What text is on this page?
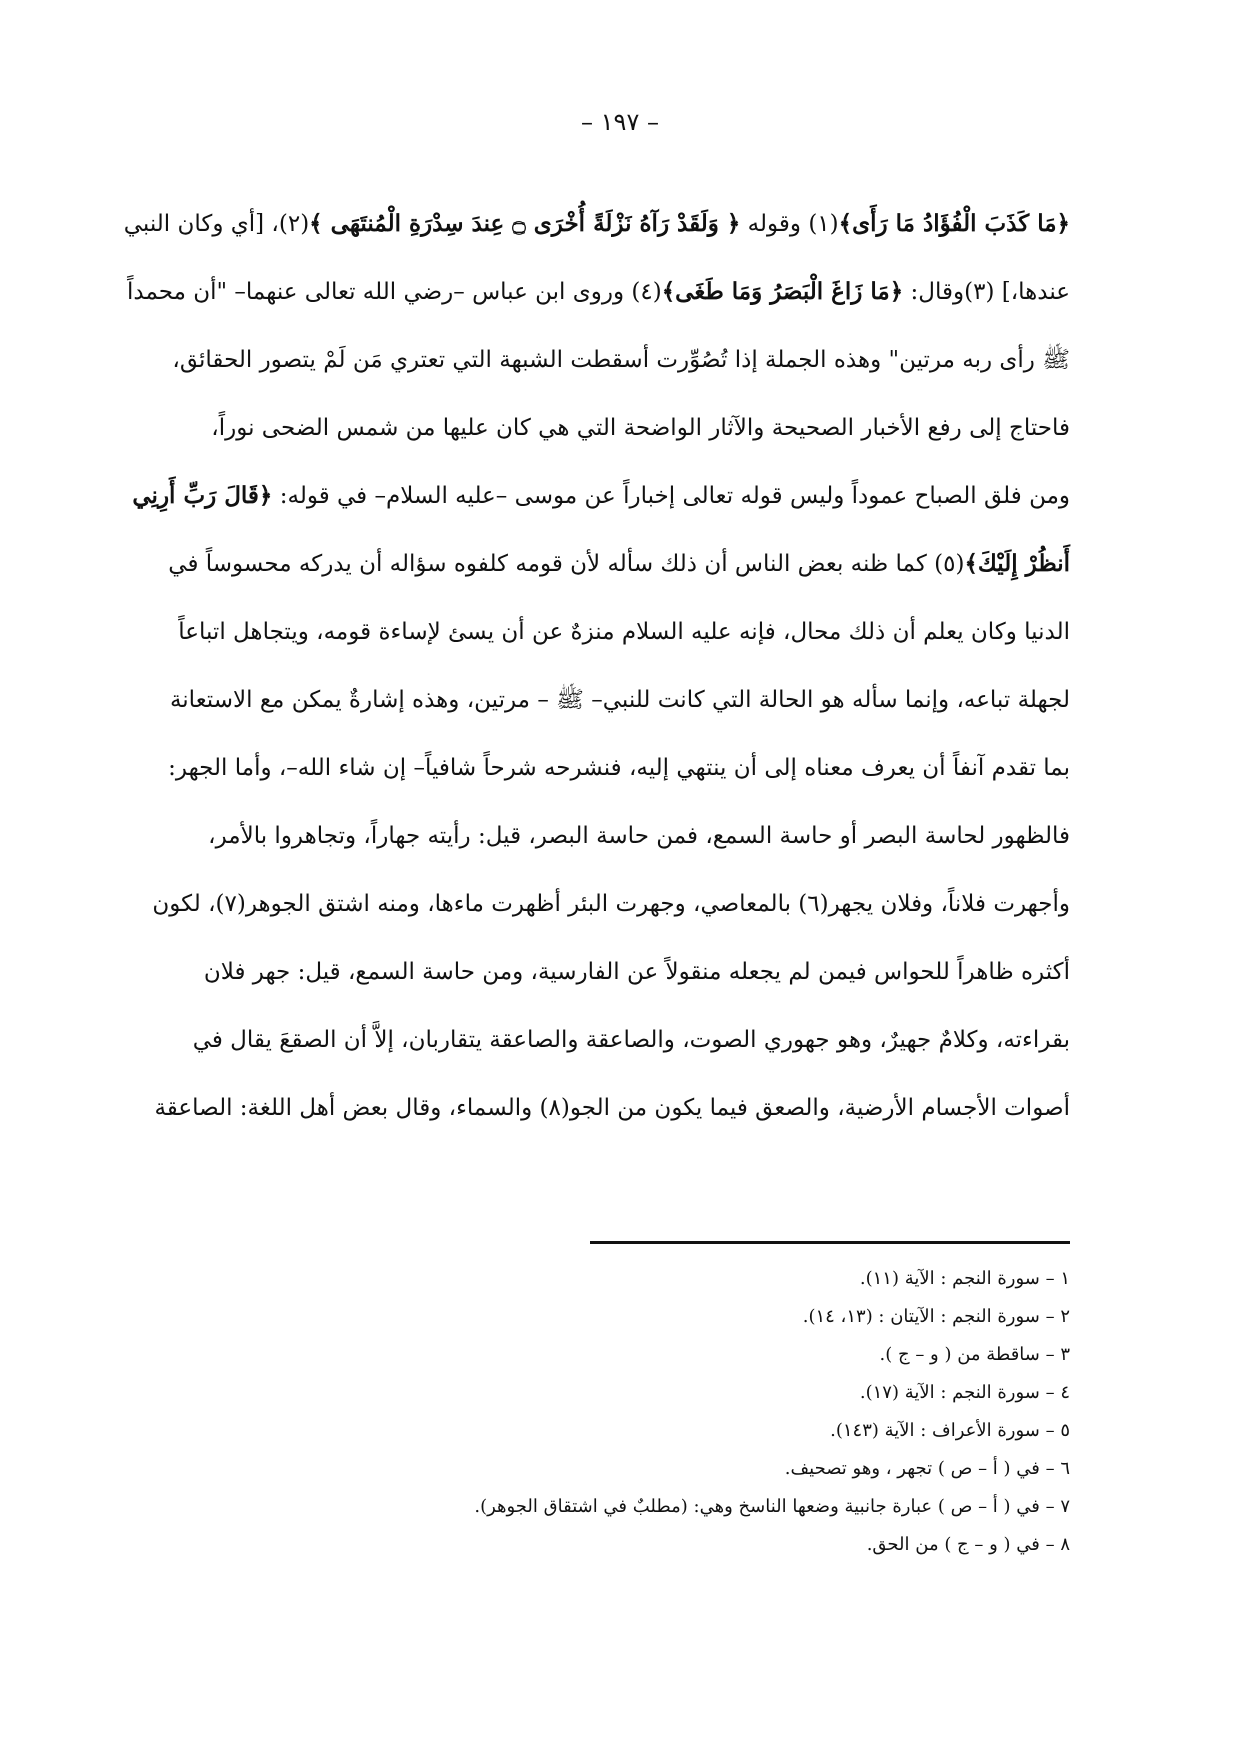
– ١٩٧ –
﴿مَا كَذَبَ الْفُؤَادُ مَا رَأَى﴾(١) وقوله ﴿ وَلَقَدْ رَآهُ نَزْلَةً أُخْرَى ۝ عِندَ سِدْرَةِ الْمُنتَهَى ﴾(٢)، [أي وكان النبي
عندها،] (٣)وقال: ﴿مَا زَاغَ الْبَصَرُ وَمَا طَغَى﴾(٤) وروى ابن عباس –رضي الله تعالى عنهما– "أن محمداً
ﷺ رأى ربه مرتين" وهذه الجملة إذا تُصُوِّرت أسقطت الشبهة التي تعتري مَن لَمْ يتصور الحقائق،
فاحتاج إلى رفع الأخبار الصحيحة والآثار الواضحة التي هي كان عليها من شمس الضحى نوراً،
ومن فلق الصباح عموداً وليس قوله تعالى إخباراً عن موسى –عليه السلام– في قوله: ﴿قَالَ رَبِّ أَرِنِي
أَنظُرْ إِلَيْكَ﴾(٥) كما ظنه بعض الناس أن ذلك سأله لأن قومه كلفوه سؤاله أن يدركه محسوساً في
الدنيا وكان يعلم أن ذلك محال، فإنه عليه السلام منزهٌ عن أن يسئ لإساءة قومه، ويتجاهل اتباعاً
لجهلة تباعه، وإنما سأله هو الحالة التي كانت للنبي– ﷺ – مرتين، وهذه إشارةٌ يمكن مع الاستعانة
بما تقدم آنفاً أن يعرف معناه إلى أن ينتهي إليه، فنشرحه شرحاً شافياً– إن شاء الله–، وأما الجهر:
فالظهور لحاسة البصر أو حاسة السمع، فمن حاسة البصر، قيل: رأيته جهاراً، وتجاهروا بالأمر،
وأجهرت فلاناً، وفلان يجهر(٦) بالمعاصي، وجهرت البئر أظهرت ماءها، ومنه اشتق الجوهر(٧)، لكون
أكثره ظاهراً للحواس فيمن لم يجعله منقولاً عن الفارسية، ومن حاسة السمع، قيل: جهر فلان
بقراءته، وكلامٌ جهيرٌ، وهو جهوري الصوت، والصاعقة والصاعقة يتقاربان، إلاَّ أن الصقعَ يقال في
أصوات الأجسام الأرضية، والصعق فيما يكون من الجو(٨) والسماء، وقال بعض أهل اللغة: الصاعقة
١ – سورة النجم : الآية (١١).
٢ – سورة النجم : الآيتان : (١٣، ١٤).
٣ – ساقطة من ( و – ج ).
٤ – سورة النجم : الآية (١٧).
٥ – سورة الأعراف : الآية (١٤٣).
٦ – في ( أ – ص ) تجهر ، وهو تصحيف.
٧ – في ( أ – ص ) عبارة جانبية وضعها الناسخ وهي: (مطلبٌ في اشتقاق الجوهر).
٨ – في ( و – ج ) من الحق.
